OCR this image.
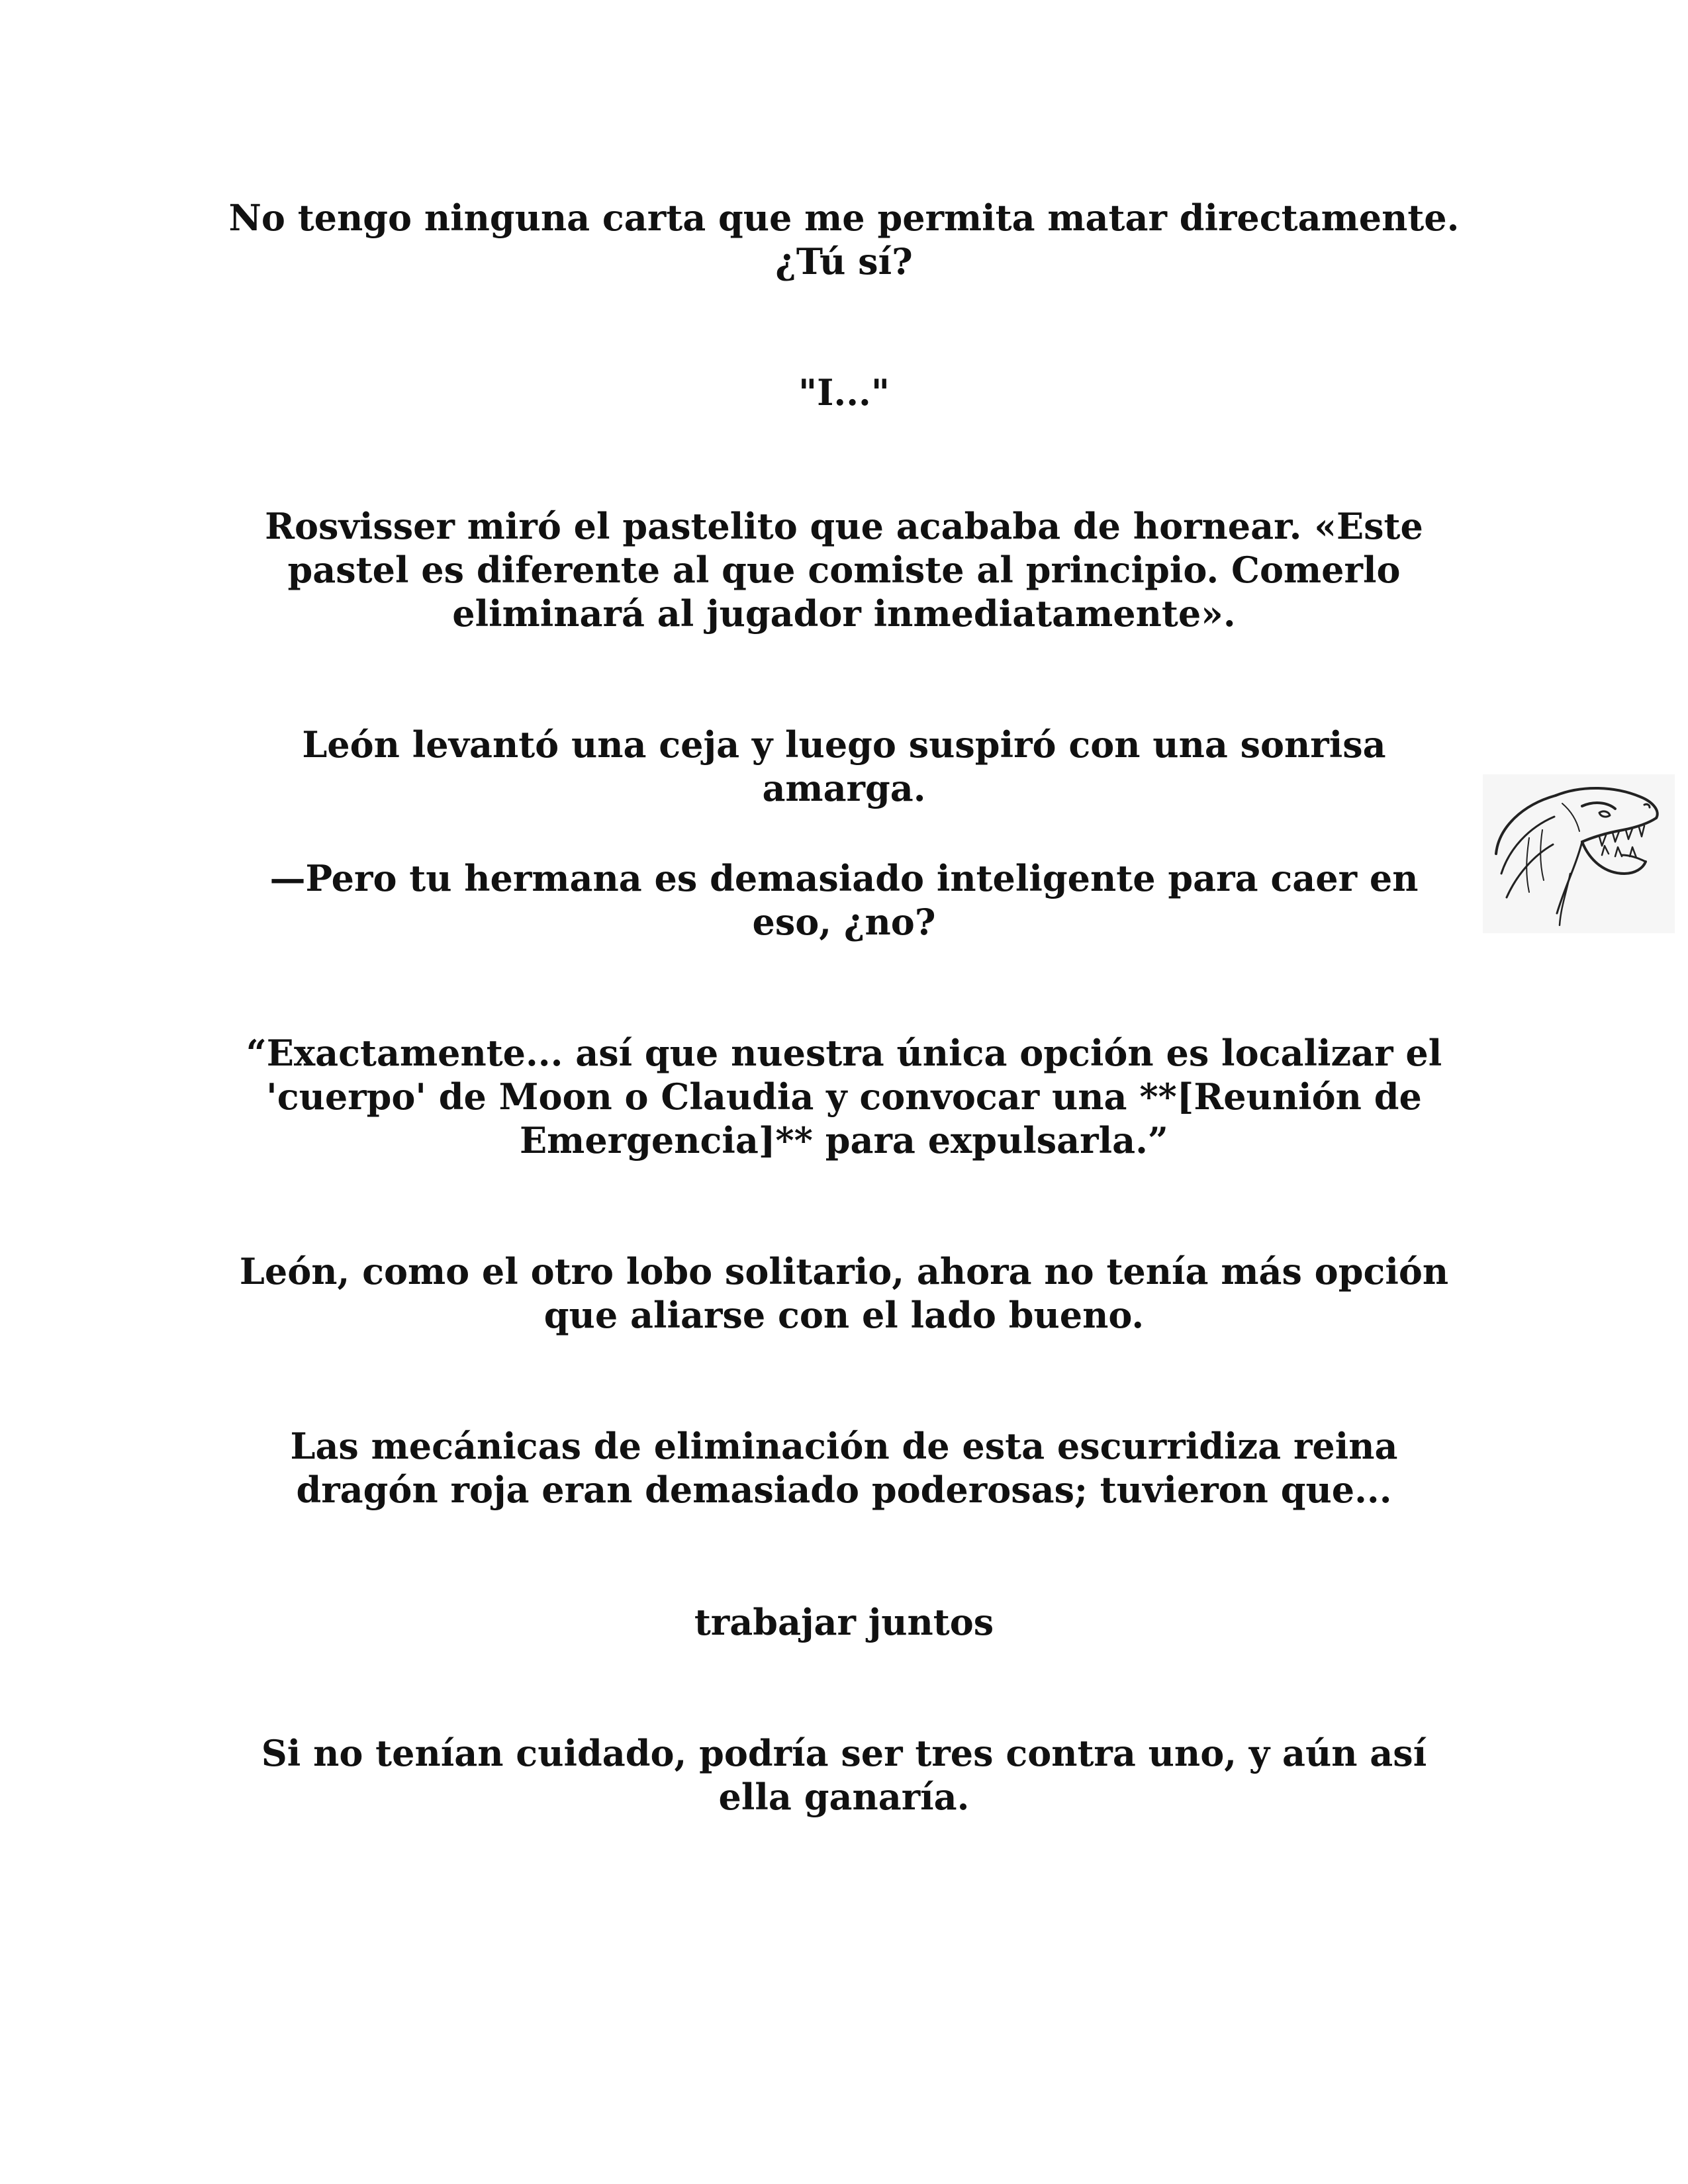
No tengo ninguna carta que me permita matar directamente. ¿Tú sí?

"I..."

Rosvisser miró el pastelito que acababa de hornear. «Este pastel es diferente al que comiste al principio. Comerlo eliminará al jugador inmediatamente».

León levantó una ceja y luego suspiró con una sonrisa amarga.

—Pero tu hermana es demasiado inteligente para caer en eso, ¿no?

“Exactamente... así que nuestra única opción es localizar el 'cuerpo' de Moon o Claudia y convocar una **[Reunión de Emergencia]** para expulsarla.”

León, como el otro lobo solitario, ahora no tenía más opción que aliarse con el lado bueno.

Las mecánicas de eliminación de esta escurridiza reina dragón roja eran demasiado poderosas; tuvieron que...

trabajar juntos

Si no tenían cuidado, podría ser tres contra uno, y aún así ella ganaría.
